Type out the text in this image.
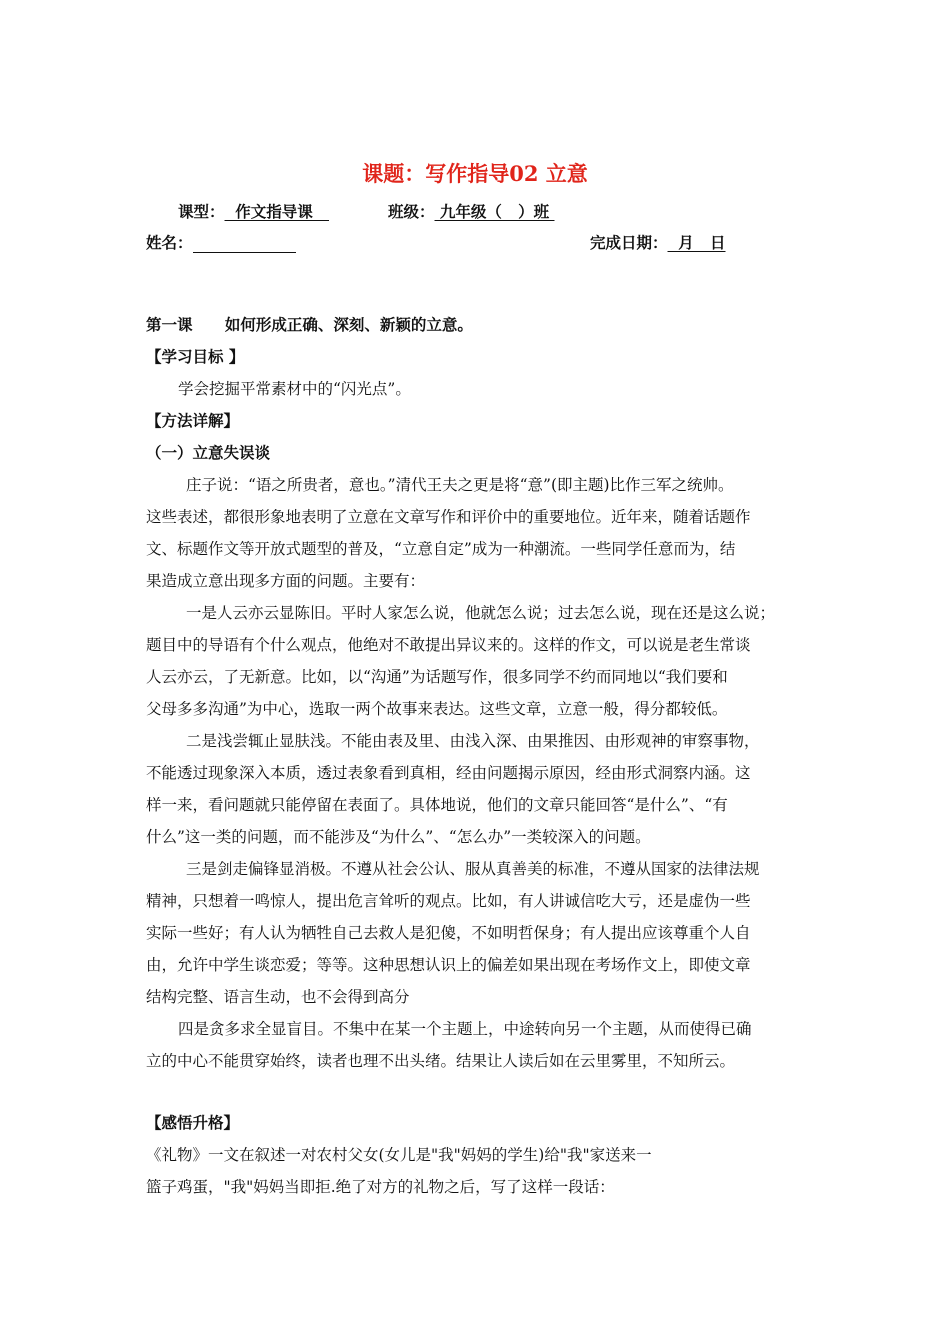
课题：写作指导02 立意
课型：  作文指导课	班级： 九年级（   ）班
姓名：	完成日期：  月   日
第一课      如何形成正确、深刻、新颖的立意。
【学习目标 】
学会挖掘平常素材中的“闪光点”。
【方法详解】
（一）立意失误谈
庄子说：“语之所贵者，意也。”清代王夫之更是将“意”(即主题)比作三军之统帅。
这些表述，都很形象地表明了立意在文章写作和评价中的重要地位。近年来，随着话题作
文、标题作文等开放式题型的普及，“立意自定”成为一种潮流。一些同学任意而为，结
果造成立意出现多方面的问题。主要有：
一是人云亦云显陈旧。平时人家怎么说，他就怎么说；过去怎么说，现在还是这么说；
题目中的导语有个什么观点，他绝对不敢提出异议来的。这样的作文，可以说是老生常谈
人云亦云，了无新意。比如，以“沟通”为话题写作，很多同学不约而同地以“我们要和
父母多多沟通”为中心，选取一两个故事来表达。这些文章，立意一般，得分都较低。
二是浅尝辄止显肤浅。不能由表及里、由浅入深、由果推因、由形观神的审察事物，
不能透过现象深入本质，透过表象看到真相，经由问题揭示原因，经由形式洞察内涵。这
样一来，看问题就只能停留在表面了。具体地说，他们的文章只能回答“是什么”、“有
什么”这一类的问题，而不能涉及“为什么”、“怎么办”一类较深入的问题。
三是剑走偏锋显消极。不遵从社会公认、服从真善美的标准，不遵从国家的法律法规
精神，只想着一鸣惊人，提出危言耸听的观点。比如，有人讲诚信吃大亏，还是虚伪一些
实际一些好；有人认为牺牲自己去救人是犯傻，不如明哲保身；有人提出应该尊重个人自
由，允许中学生谈恋爱；等等。这种思想认识上的偏差如果出现在考场作文上，即使文章
结构完整、语言生动，也不会得到高分
四是贪多求全显盲目。不集中在某一个主题上，中途转向另一个主题，从而使得已确
立的中心不能贯穿始终，读者也理不出头绪。结果让人读后如在云里雾里，不知所云。
【感悟升格】
《礼物》一文在叙述一对农村父女(女儿是"我"妈妈的学生)给"我"家送来一
篮子鸡蛋，"我"妈妈当即拒.绝了对方的礼物之后，写了这样一段话：
